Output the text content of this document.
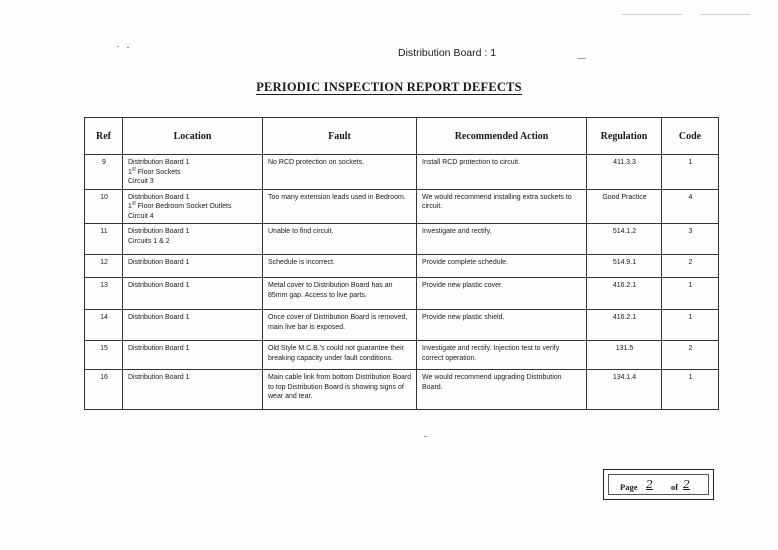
Distribution Board : 1
PERIODIC INSPECTION REPORT DEFECTS
Ref	Location	Fault	Recommended Action	Regulation	Code
9	Distribution Board 1
1st Floor Sockets
Circuit 3	No RCD protection on sockets.	Install RCD protection to circuit.	411.3.3	1
10	Distribution Board 1
1st Floor Bedroom Socket Outlets
Circuit 4	Too many extension leads used in Bedroom.	We would recommend installing extra sockets to circuit.	Good Practice	4
11	Distribution Board 1
Circuits 1 & 2	Unable to find circuit.	Investigate and rectify.	514.1.2	3
12	Distribution Board 1	Schedule is incorrect.	Provide complete schedule.	514.9.1	2
13	Distribution Board 1	Metal cover to Distribution Board has an 85mm gap. Access to live parts.	Provide new plastic cover.	416.2.1	1
14	Distribution Board 1	Once cover of Distribution Board is removed, main live bar is exposed.	Provide new plastic shield.	416.2.1	1
15	Distribution Board 1	Old Style M.C.B.'s could not guarantee their breaking capacity under fault conditions.	Investigate and rectify. Injection test to verify correct operation.	131.5	2
16	Distribution Board 1	Main cable link from bottom Distribution Board to top Distribution Board is showing signs of wear and tear.	We would recommend upgrading Distribution Board.	134.1.4	1
Page 2 of 2
